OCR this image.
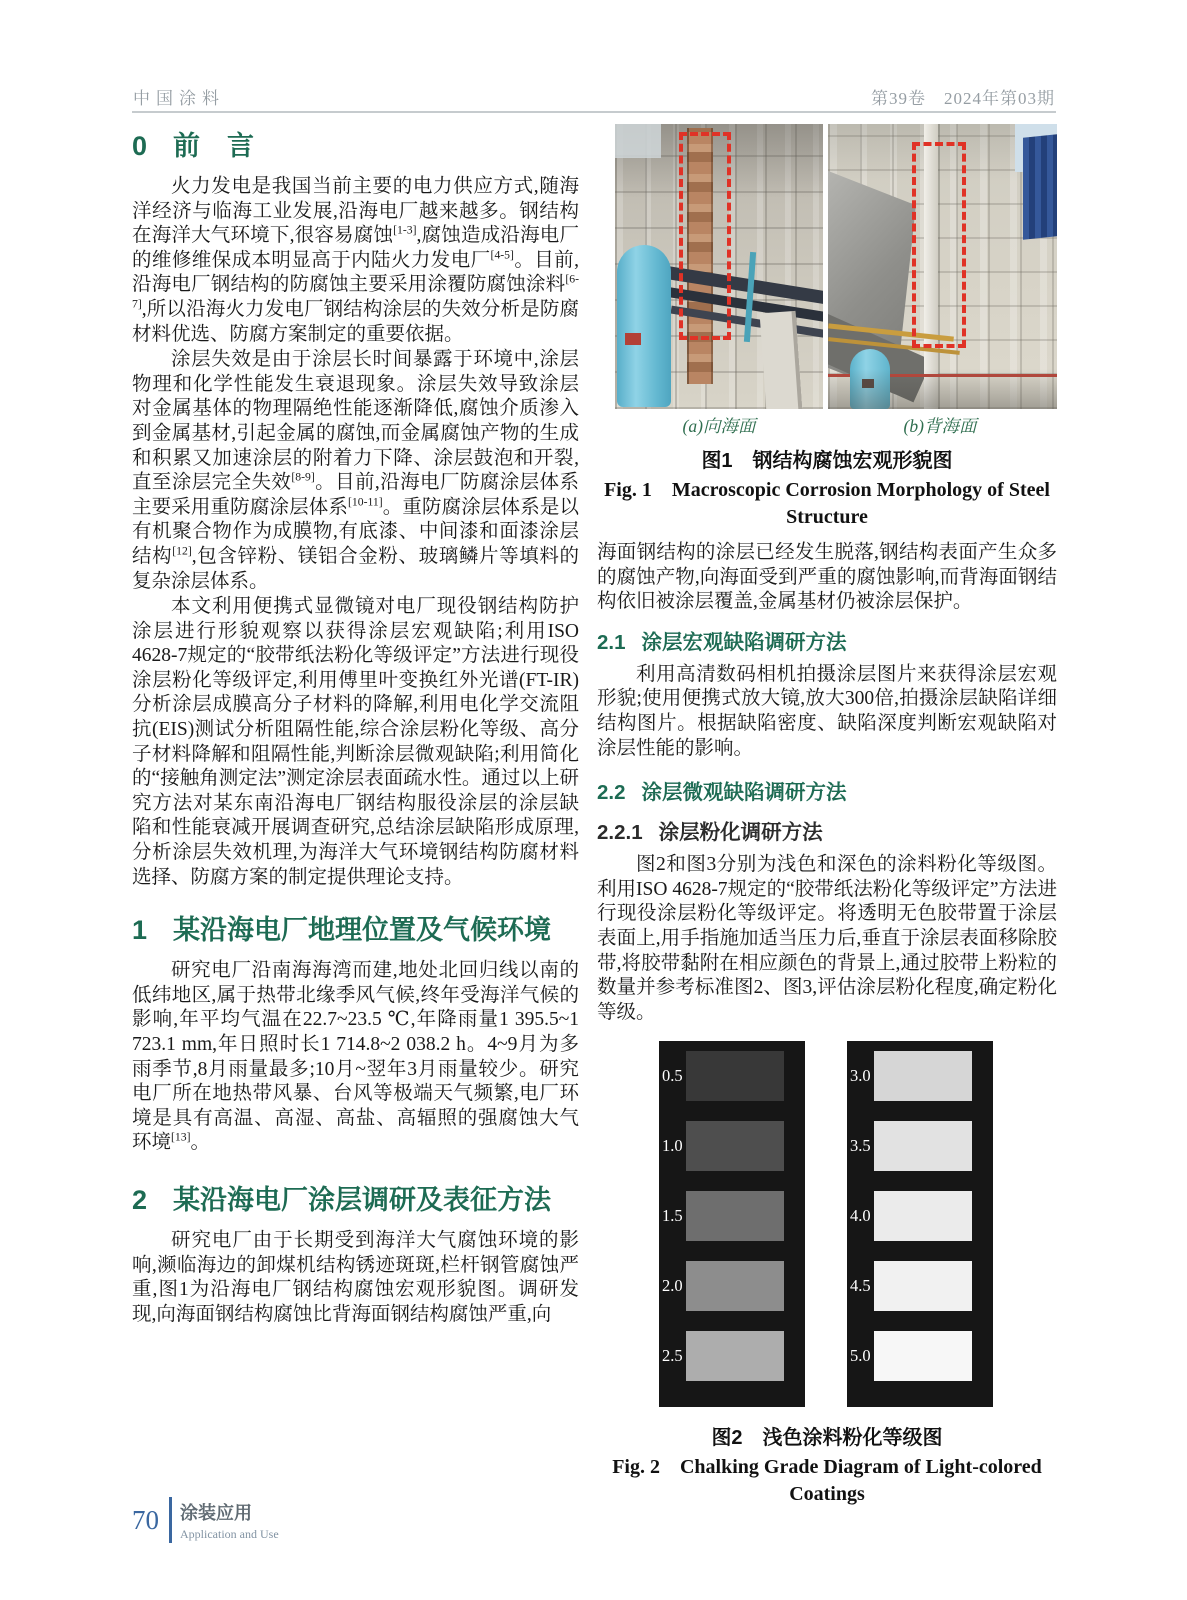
中国涂料	第39卷　2024年第03期
0 前　言

火力发电是我国当前主要的电力供应方式,随海洋经济与临海工业发展,沿海电厂越来越多。钢结构在海洋大气环境下,很容易腐蚀[1-3],腐蚀造成沿海电厂的维修维保成本明显高于内陆火力发电厂[4-5]。目前,沿海电厂钢结构的防腐蚀主要采用涂覆防腐蚀涂料[6-7],所以沿海火力发电厂钢结构涂层的失效分析是防腐材料优选、防腐方案制定的重要依据。

涂层失效是由于涂层长时间暴露于环境中,涂层物理和化学性能发生衰退现象。涂层失效导致涂层对金属基体的物理隔绝性能逐渐降低,腐蚀介质渗入到金属基材,引起金属的腐蚀,而金属腐蚀产物的生成和积累又加速涂层的附着力下降、涂层鼓泡和开裂,直至涂层完全失效[8-9]。目前,沿海电厂防腐涂层体系主要采用重防腐涂层体系[10-11]。重防腐涂层体系是以有机聚合物作为成膜物,有底漆、中间漆和面漆涂层结构[12],包含锌粉、镁铝合金粉、玻璃鳞片等填料的复杂涂层体系。

本文利用便携式显微镜对电厂现役钢结构防护涂层进行形貌观察以获得涂层宏观缺陷;利用ISO 4628-7规定的“胶带纸法粉化等级评定”方法进行现役涂层粉化等级评定,利用傅里叶变换红外光谱(FT-IR)分析涂层成膜高分子材料的降解,利用电化学交流阻抗(EIS)测试分析阻隔性能,综合涂层粉化等级、高分子材料降解和阻隔性能,判断涂层微观缺陷;利用简化的“接触角测定法”测定涂层表面疏水性。通过以上研究方法对某东南沿海电厂钢结构服役涂层的涂层缺陷和性能衰减开展调查研究,总结涂层缺陷形成原理,分析涂层失效机理,为海洋大气环境钢结构防腐材料选择、防腐方案的制定提供理论支持。

1 某沿海电厂地理位置及气候环境

研究电厂沿南海海湾而建,地处北回归线以南的低纬地区,属于热带北缘季风气候,终年受海洋气候的影响,年平均气温在22.7~23.5 ℃,年降雨量1 395.5~1 723.1 mm,年日照时长1 714.8~2 038.2 h。4~9月为多雨季节,8月雨量最多;10月~翌年3月雨量较少。研究电厂所在地热带风暴、台风等极端天气频繁,电厂环境是具有高温、高湿、高盐、高辐照的强腐蚀大气环境[13]。

2 某沿海电厂涂层调研及表征方法

研究电厂由于长期受到海洋大气腐蚀环境的影响,濒临海边的卸煤机结构锈迹斑斑,栏杆钢管腐蚀严重,图1为沿海电厂钢结构腐蚀宏观形貌图。调研发现,向海面钢结构腐蚀比背海面钢结构腐蚀严重,向

(a)向海面	(b)背海面
图1　钢结构腐蚀宏观形貌图
Fig. 1　Macroscopic Corrosion Morphology of Steel
Structure

海面钢结构的涂层已经发生脱落,钢结构表面产生众多的腐蚀产物,向海面受到严重的腐蚀影响,而背海面钢结构依旧被涂层覆盖,金属基材仍被涂层保护。

2.1 涂层宏观缺陷调研方法

利用高清数码相机拍摄涂层图片来获得涂层宏观形貌;使用便携式放大镜,放大300倍,拍摄涂层缺陷详细结构图片。根据缺陷密度、缺陷深度判断宏观缺陷对涂层性能的影响。

2.2 涂层微观缺陷调研方法
2.2.1 涂层粉化调研方法

图2和图3分别为浅色和深色的涂料粉化等级图。利用ISO 4628-7规定的“胶带纸法粉化等级评定”方法进行现役涂层粉化等级评定。将透明无色胶带置于涂层表面上,用手指施加适当压力后,垂直于涂层表面移除胶带,将胶带黏附在相应颜色的背景上,通过胶带上粉粒的数量并参考标准图2、图3,评估涂层粉化程度,确定粉化等级。

0.5
1.0
1.5
2.0
2.5
3.0
3.5
4.0
4.5
5.0
图2　浅色涂料粉化等级图
Fig. 2　Chalking Grade Diagram of Light-colored Coatings
70 涂装应用
Application and Use
